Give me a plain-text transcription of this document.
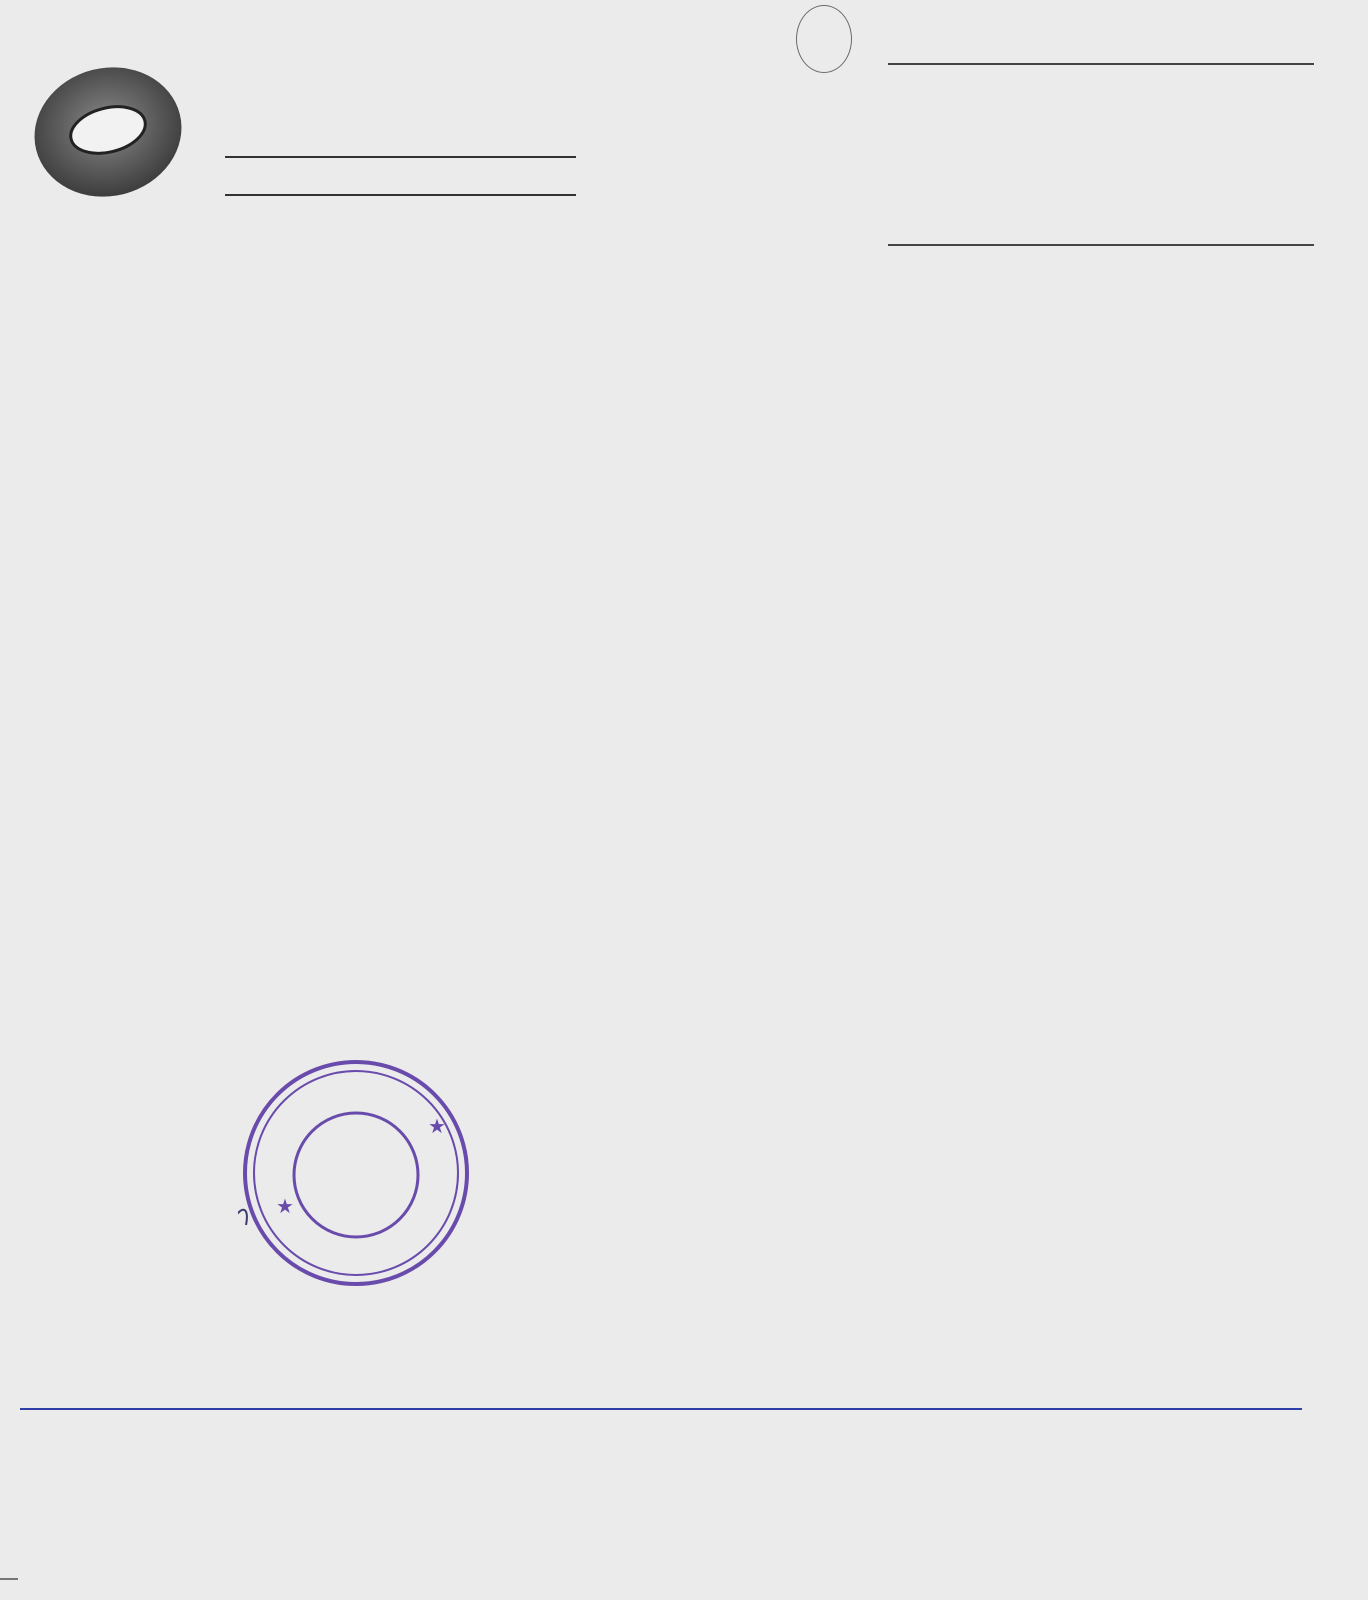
★
★
